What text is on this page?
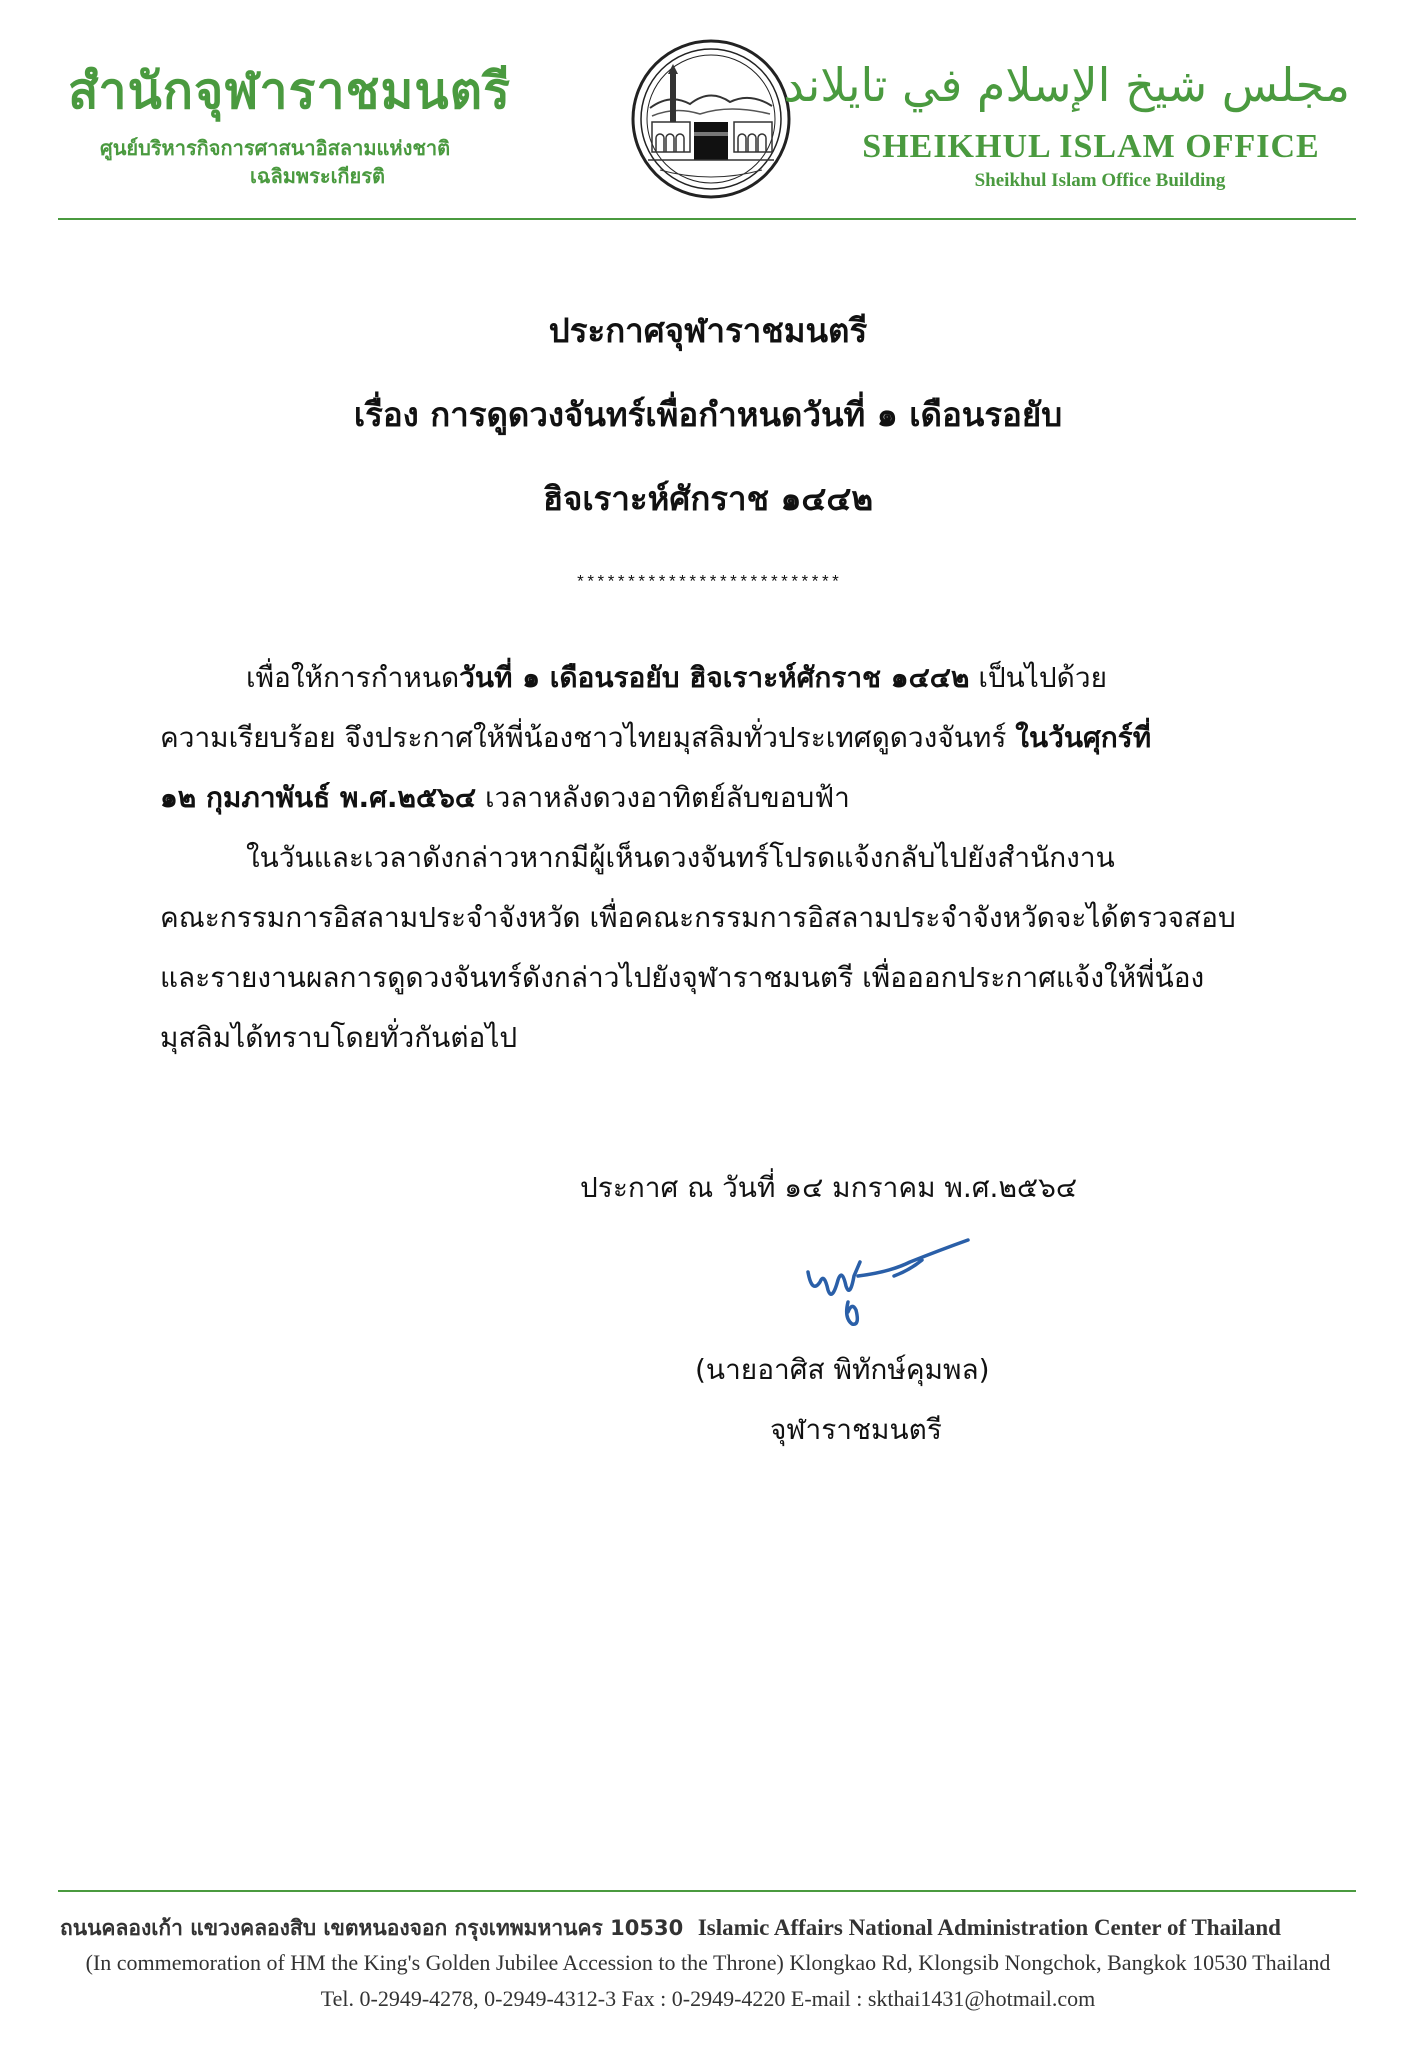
สำนักจุฬาราชมนตรี
ศูนย์บริหารกิจการศาสนาอิสลามแห่งชาติ
เฉลิมพระเกียรติ
مجلس شيخ الإسلام في تايلاند
SHEIKHUL ISLAM OFFICE
Sheikhul Islam Office Building
ประกาศจุฬาราชมนตรี
เรื่อง การดูดวงจันทร์เพื่อกำหนดวันที่ ๑ เดือนรอยับ
ฮิจเราะห์ศักราช ๑๔๔๒
**************************
เพื่อให้การกำหนดวันที่ ๑ เดือนรอยับ ฮิจเราะห์ศักราช ๑๔๔๒ เป็นไปด้วย
ความเรียบร้อย จึงประกาศให้พี่น้องชาวไทยมุสลิมทั่วประเทศดูดวงจันทร์ ในวันศุกร์ที่
๑๒ กุมภาพันธ์ พ.ศ.๒๕๖๔ เวลาหลังดวงอาทิตย์ลับขอบฟ้า
ในวันและเวลาดังกล่าวหากมีผู้เห็นดวงจันทร์โปรดแจ้งกลับไปยังสำนักงาน
คณะกรรมการอิสลามประจำจังหวัด เพื่อคณะกรรมการอิสลามประจำจังหวัดจะได้ตรวจสอบ
และรายงานผลการดูดวงจันทร์ดังกล่าวไปยังจุฬาราชมนตรี เพื่อออกประกาศแจ้งให้พี่น้อง
มุสลิมได้ทราบโดยทั่วกันต่อไป
ประกาศ ณ วันที่ ๑๔ มกราคม พ.ศ.๒๕๖๔
(นายอาศิส พิทักษ์คุมพล)
จุฬาราชมนตรี
ถนนคลองเก้า แขวงคลองสิบ เขตหนองจอก กรุงเทพมหานคร 10530 Islamic Affairs National Administration Center of Thailand
(In commemoration of HM the King's Golden Jubilee Accession to the Throne) Klongkao Rd, Klongsib Nongchok, Bangkok 10530 Thailand
Tel. 0-2949-4278, 0-2949-4312-3 Fax : 0-2949-4220 E-mail : skthai1431@hotmail.com
